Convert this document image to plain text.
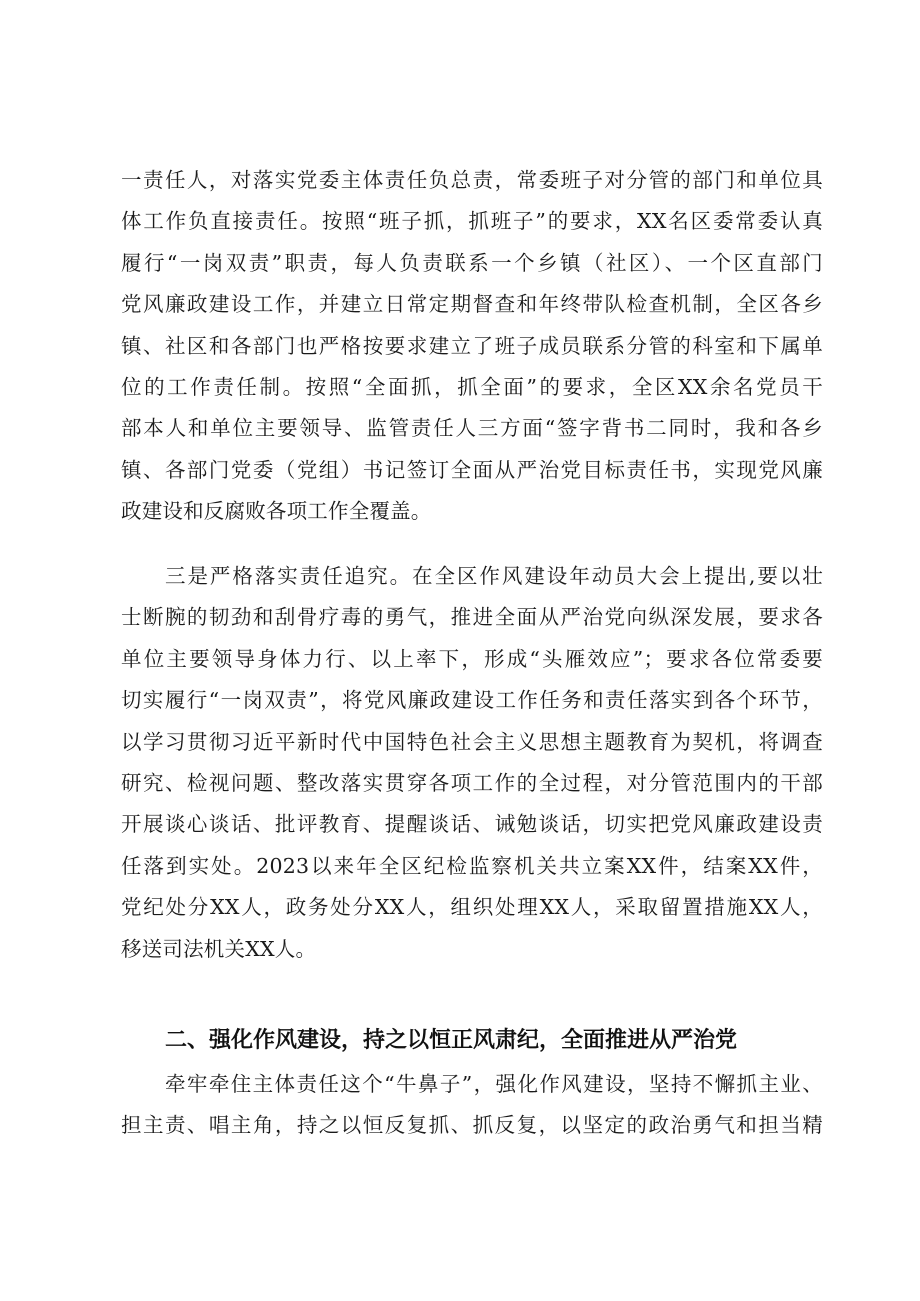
一责任人，对落实党委主体责任负总责，常委班子对分管的部门和单位具
体工作负直接责任。按照“班子抓，抓班子”的要求，XX名区委常委认真
履行“一岗双责”职责，每人负责联系一个乡镇（社区）、一个区直部门
党风廉政建设工作，并建立日常定期督查和年终带队检查机制，全区各乡
镇、社区和各部门也严格按要求建立了班子成员联系分管的科室和下属单
位的工作责任制。按照“全面抓，抓全面”的要求，全区XX余名党员干
部本人和单位主要领导、监管责任人三方面“签字背书二同时，我和各乡
镇、各部门党委（党组）书记签订全面从严治党目标责任书，实现党风廉
政建设和反腐败各项工作全覆盖。
三是严格落实责任追究。在全区作风建设年动员大会上提出,要以壮
士断腕的韧劲和刮骨疗毒的勇气，推进全面从严治党向纵深发展，要求各
单位主要领导身体力行、以上率下，形成“头雁效应”；要求各位常委要
切实履行“一岗双责”，将党风廉政建设工作任务和责任落实到各个环节，
以学习贯彻习近平新时代中国特色社会主义思想主题教育为契机，将调查
研究、检视问题、整改落实贯穿各项工作的全过程，对分管范围内的干部
开展谈心谈话、批评教育、提醒谈话、诫勉谈话，切实把党风廉政建设责
任落到实处。2023以来年全区纪检监察机关共立案XX件，结案XX件，
党纪处分XX人，政务处分XX人，组织处理XX人，采取留置措施XX人，
移送司法机关XX人。
二、强化作风建设，持之以恒正风肃纪，全面推进从严治党
牵牢牵住主体责任这个“牛鼻子”，强化作风建设，坚持不懈抓主业、
担主责、唱主角，持之以恒反复抓、抓反复，以坚定的政治勇气和担当精
